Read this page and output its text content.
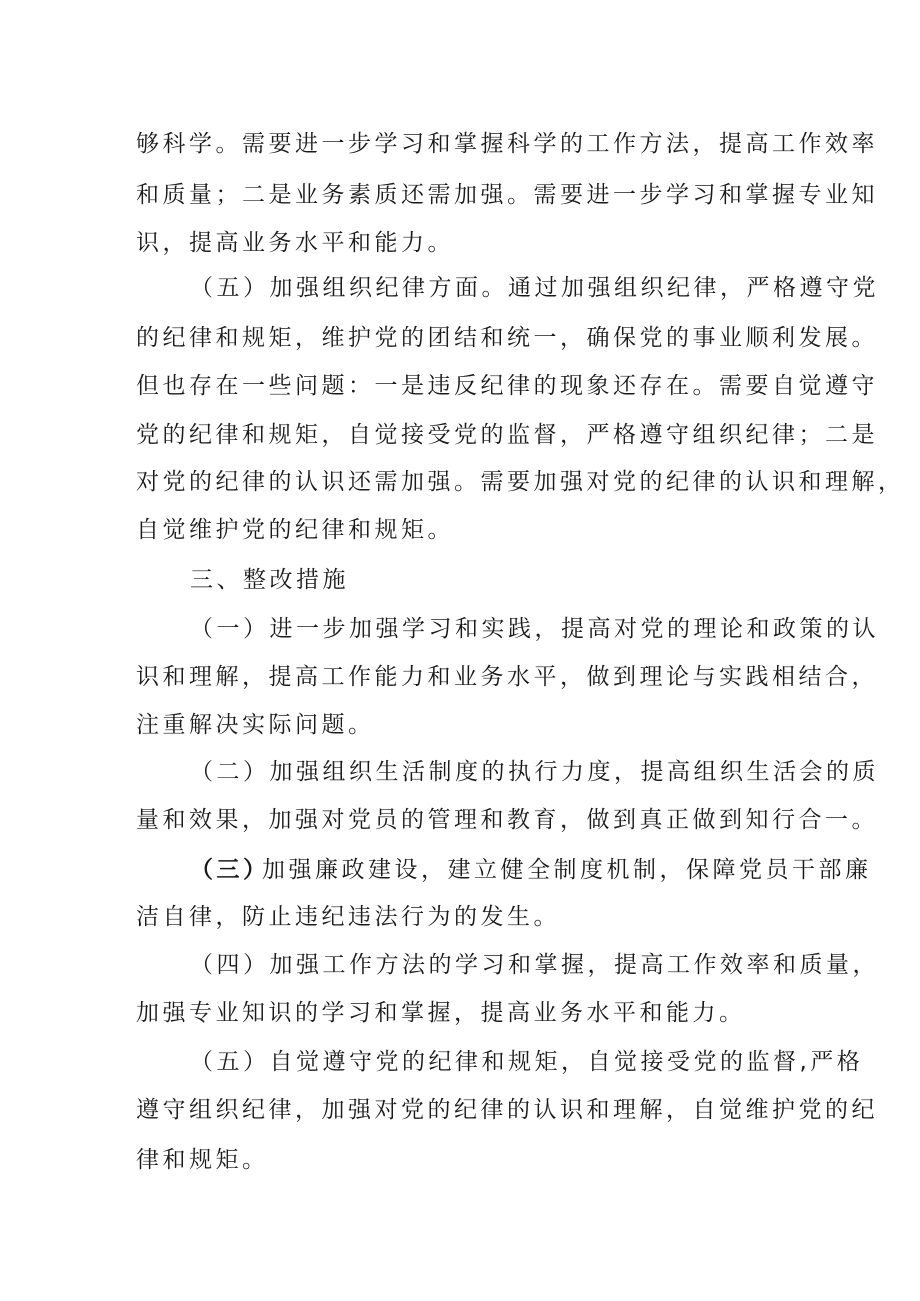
够科学。需要进一步学习和掌握科学的工作方法，提高工作效率
和质量；二是业务素质还需加强。需要进一步学习和掌握专业知
识，提高业务水平和能力。
（五）加强组织纪律方面。通过加强组织纪律，严格遵守党
的纪律和规矩，维护党的团结和统一，确保党的事业顺利发展。
但也存在一些问题：一是违反纪律的现象还存在。需要自觉遵守
党的纪律和规矩，自觉接受党的监督，严格遵守组织纪律；二是
对党的纪律的认识还需加强。需要加强对党的纪律的认识和理解，
自觉维护党的纪律和规矩。
三、整改措施
（一）进一步加强学习和实践，提高对党的理论和政策的认
识和理解，提高工作能力和业务水平，做到理论与实践相结合，
注重解决实际问题。
（二）加强组织生活制度的执行力度，提高组织生活会的质
量和效果，加强对党员的管理和教育，做到真正做到知行合一。
（三）
加强廉政建设，建立健全制度机制，保障党员干部廉
洁自律，防止违纪违法行为的发生。
（四）加强工作方法的学习和掌握，提高工作效率和质量，
加强专业知识的学习和掌握，提高业务水平和能力。
（五）自觉遵守党的纪律和规矩，自觉接受党的监督,严格
遵守组织纪律，加强对党的纪律的认识和理解，自觉维护党的纪
律和规矩。
